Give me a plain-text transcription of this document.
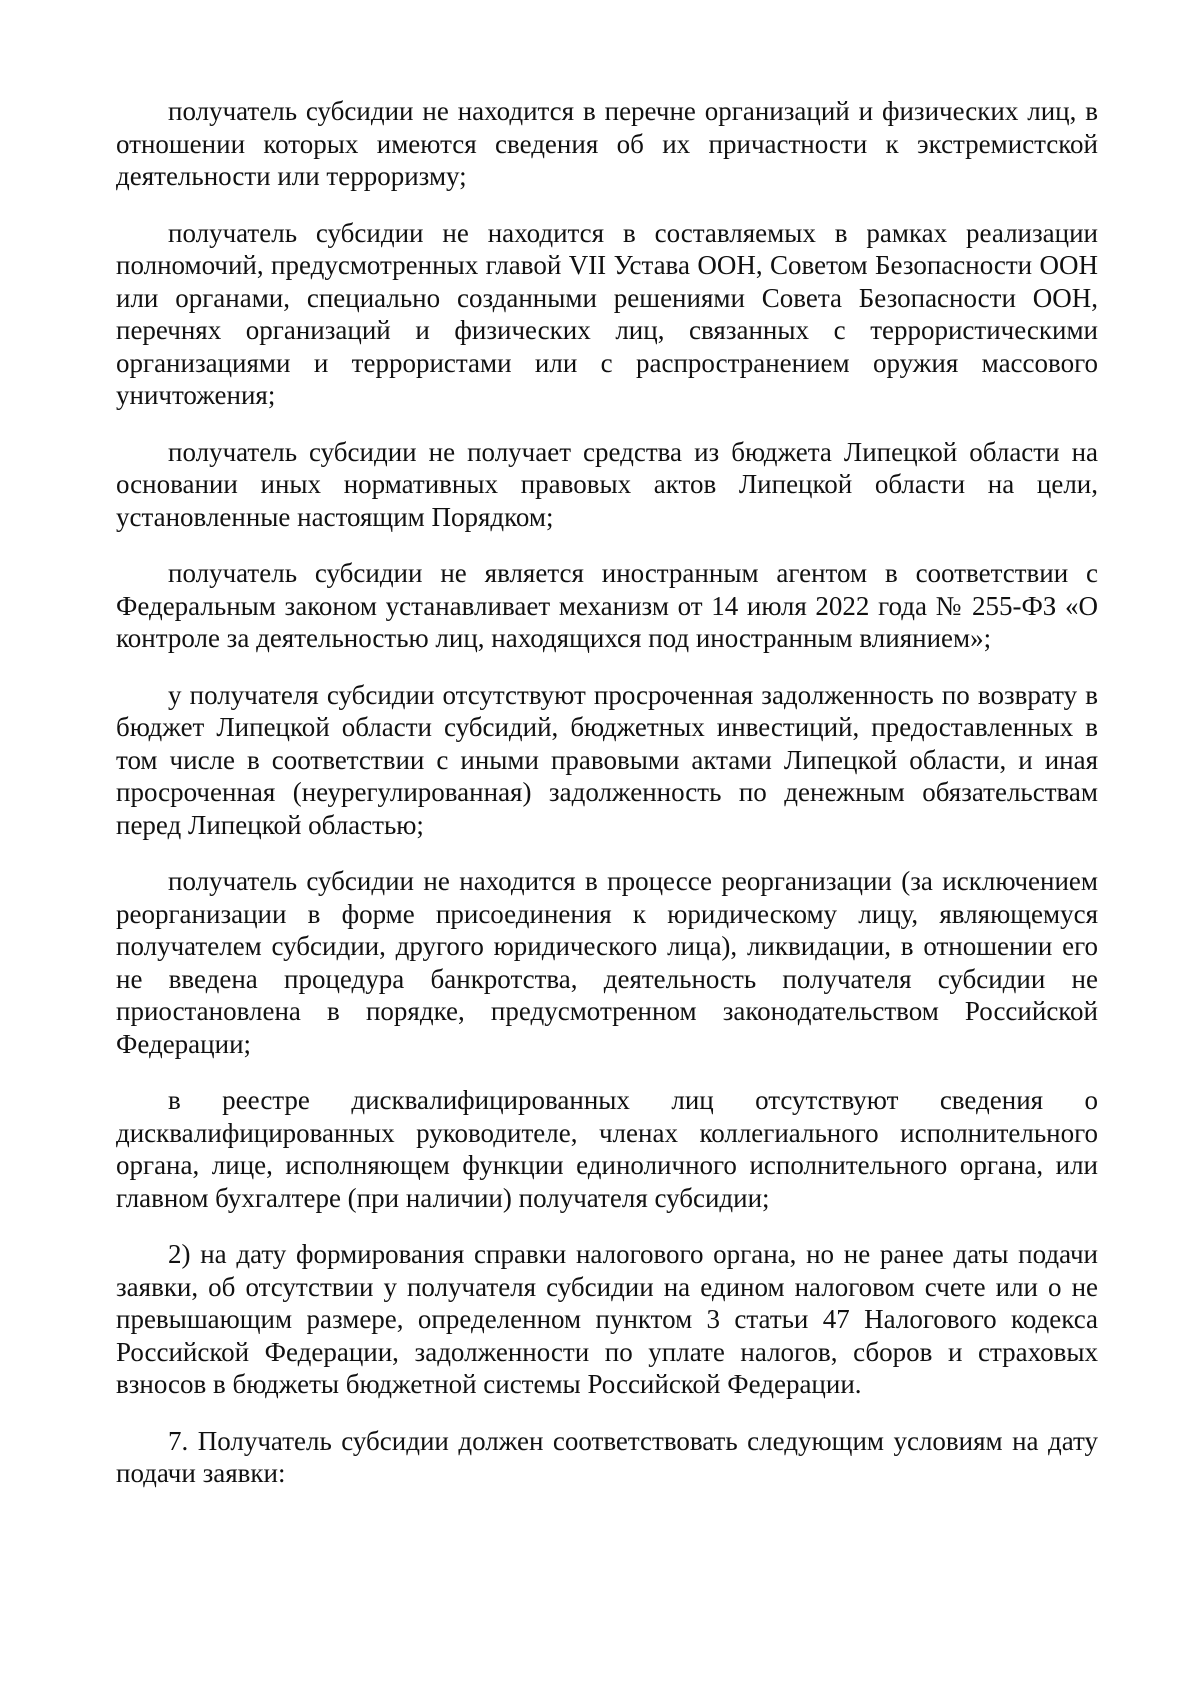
получатель субсидии не находится в перечне организаций и физических лиц, в отношении которых имеются сведения об их причастности к экстремистской деятельности или терроризму;

получатель субсидии не находится в составляемых в рамках реализации полномочий, предусмотренных главой VII Устава ООН, Советом Безопасности ООН или органами, специально созданными решениями Совета Безопасности ООН, перечнях организаций и физических лиц, связанных с террористическими организациями и террористами или с распространением оружия массового уничтожения;

получатель субсидии не получает средства из бюджета Липецкой области на основании иных нормативных правовых актов Липецкой области на цели, установленные настоящим Порядком;

получатель субсидии не является иностранным агентом в соответствии с Федеральным законом устанавливает механизм от 14 июля 2022 года № 255-ФЗ «О контроле за деятельностью лиц, находящихся под иностранным влиянием»;

у получателя субсидии отсутствуют просроченная задолженность по возврату в бюджет Липецкой области субсидий, бюджетных инвестиций, предоставленных в том числе в соответствии с иными правовыми актами Липецкой области, и иная просроченная (неурегулированная) задолженность по денежным обязательствам перед Липецкой областью;

получатель субсидии не находится в процессе реорганизации (за исключением реорганизации в форме присоединения к юридическому лицу, являющемуся получателем субсидии, другого юридического лица), ликвидации, в отношении его не введена процедура банкротства, деятельность получателя субсидии не приостановлена в порядке, предусмотренном законодательством Российской Федерации;

в реестре дисквалифицированных лиц отсутствуют сведения о дисквалифицированных руководителе, членах коллегиального исполнительного органа, лице, исполняющем функции единоличного исполнительного органа, или главном бухгалтере (при наличии) получателя субсидии;

2) на дату формирования справки налогового органа, но не ранее даты подачи заявки, об отсутствии у получателя субсидии на едином налоговом счете или о не превышающим размере, определенном пунктом 3 статьи 47 Налогового кодекса Российской Федерации, задолженности по уплате налогов, сборов и страховых взносов в бюджеты бюджетной системы Российской Федерации.

7. Получатель субсидии должен соответствовать следующим условиям на дату подачи заявки:
